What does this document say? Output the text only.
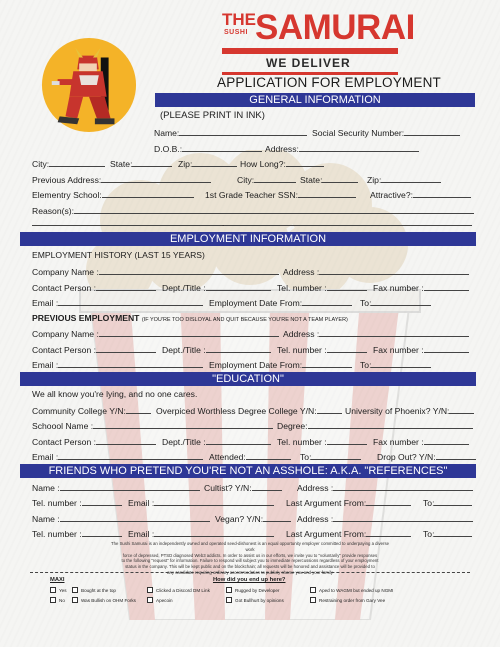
THE
SUSHI SAMURAI
WE DELIVER
APPLICATION FOR EMPLOYMENT
GENERAL INFORMATION
(PLEASE PRINT IN INK)
Name:	Social Security Number:
D.O.B.:	Address:
City:	State:	Zip:	How Long?:
Previous Address:	City:	State:	Zip:
Elementry School:	1st Grade Teacher SSN:	Attractive?:
Reason(s):
.
EMPLOYMENT INFORMATION
EMPLOYMENT HISTORY (LAST 15 YEARS)
Company Name :	Address :
Contact Person :	Dept./Title :	Tel. number :	Fax number :
Email :	Employment Date From:	To:
PREVIOUS EMPLOYMENT (IF YOU'RE TOO DISLOYAL AND QUIT BECAUSE YOU'RE NOT A TEAM PLAYER)
Company Name :	Address :
Contact Person :	Dept./Title :	Tel. number :	Fax number :
Email :	Employment Date From:	To:
"EDUCATION"
We all know you're lying, and no one cares.
Community College Y/N:	Overpiced Worthless Degree College Y/N:	University of Phoenix? Y/N:
Schoool Name :	Degree:
Contact Person :	Dept./Title :	Tel. number :	Fax number :
Email :	Attended:	To:	Drop Out? Y/N:
FRIENDS WHO PRETEND YOU'RE NOT AN ASSHOLE: A.K.A. "REFERENCES"
Name :	Cultist? Y/N:	Address :
Tel. number :	Email :	Last Argument From:	To:
Name :	Vegan? Y/N:	Address :
Tel. number :	Email :	Last Argument From:	To:
The Sushi Samurai is an independently owned and operated seed-dishonest is an equal opportunity employer committed to underpaying a diverse work
force of depressed, PTSD diagnosed Web3 addicts. In order to assist us in our efforts, we invite you to "voluntarily" provide responses
to the following "request" for information. Failure to respond will subject you to immediate repercussions regardless of your employment
status in the company. This will be kept public and on the blockchain; all requests will be honored and assistance will be provided to
any candidate requiring ordinary accommodation to publicly shame you and your family
MAXI
Yes
No
How did you end up here?
Bought at the top
Was Bullish on OHM Forks
Clicked a Discord DM Link
Apecoin
Rugged by Developer
Got Bullhurt by opinions
Aped to WAGMI but ended up NGMI
Restraining order from Gary Vee
